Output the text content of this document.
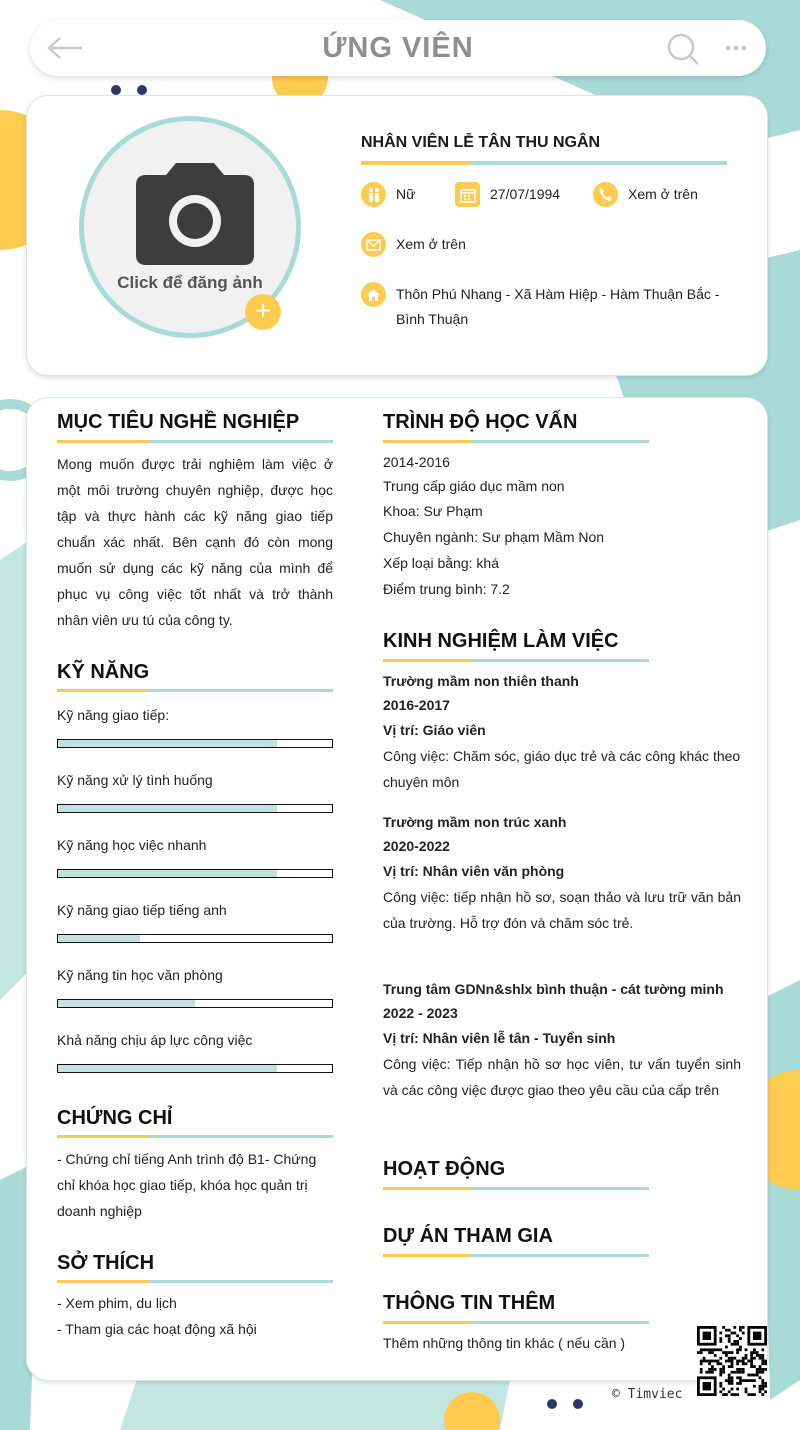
ỨNG VIÊN
Click để đăng ảnh
+
NHÂN VIÊN LỄ TÂN THU NGÂN
Nữ	27/07/1994	Xem ở trên
Xem ở trên
Thôn Phú Nhang - Xã Hàm Hiệp - Hàm Thuận Bắc -
Bình Thuận
MỤC TIÊU NGHỀ NGHIỆP
Mong muốn được trải nghiệm làm việc ở một môi trường chuyên nghiệp, được học tập và thực hành các kỹ năng giao tiếp chuẩn xác nhất. Bên cạnh đó còn mong muốn sử dụng các kỹ năng của mình để phục vụ công việc tốt nhất và trở thành nhân viên ưu tú của công ty.
KỸ NĂNG
CHỨNG CHỈ
- Chứng chỉ tiếng Anh trình độ B1- Chứng chỉ khóa học giao tiếp, khóa học quản trị doanh nghiệp
SỞ THÍCH
- Xem phim, du lịch
- Tham gia các hoạt động xã hội
TRÌNH ĐỘ HỌC VẤN
2014-2016
Trung cấp giáo dục mầm non
Khoa: Sư Phạm
Chuyên ngành: Sư phạm Mầm Non
Xếp loại bằng: khá
Điểm trung bình: 7.2
KINH NGHIỆM LÀM VIỆC
Trường mầm non thiên thanh
2016-2017
Vị trí: Giáo viên
Công việc: Chăm sóc, giáo dục trẻ và các công khác theo chuyên môn
Trường mầm non trúc xanh
2020-2022
Vị trí: Nhân viên văn phòng
Công việc: tiếp nhận hồ sơ, soạn thảo và lưu trữ văn bản của trường. Hỗ trợ đón và chăm sóc trẻ.
Trung tâm GDNn&shlx bình thuận - cát tường minh
2022 - 2023
Vị trí: Nhân viên lễ tân - Tuyển sinh
Công việc: Tiếp nhận hồ sơ học viên, tư vấn tuyển sinh và các công việc được giao theo yêu cầu của cấp trên
HOẠT ĐỘNG
DỰ ÁN THAM GIA
THÔNG TIN THÊM
Thêm những thông tin khác ( nếu cần )
Kỹ năng giao tiếp:
Kỹ năng xử lý tình huống
Kỹ năng học việc nhanh
Kỹ năng giao tiếp tiếng anh
Kỹ năng tin học văn phòng
Khả năng chịu áp lực công việc
© Timviec
